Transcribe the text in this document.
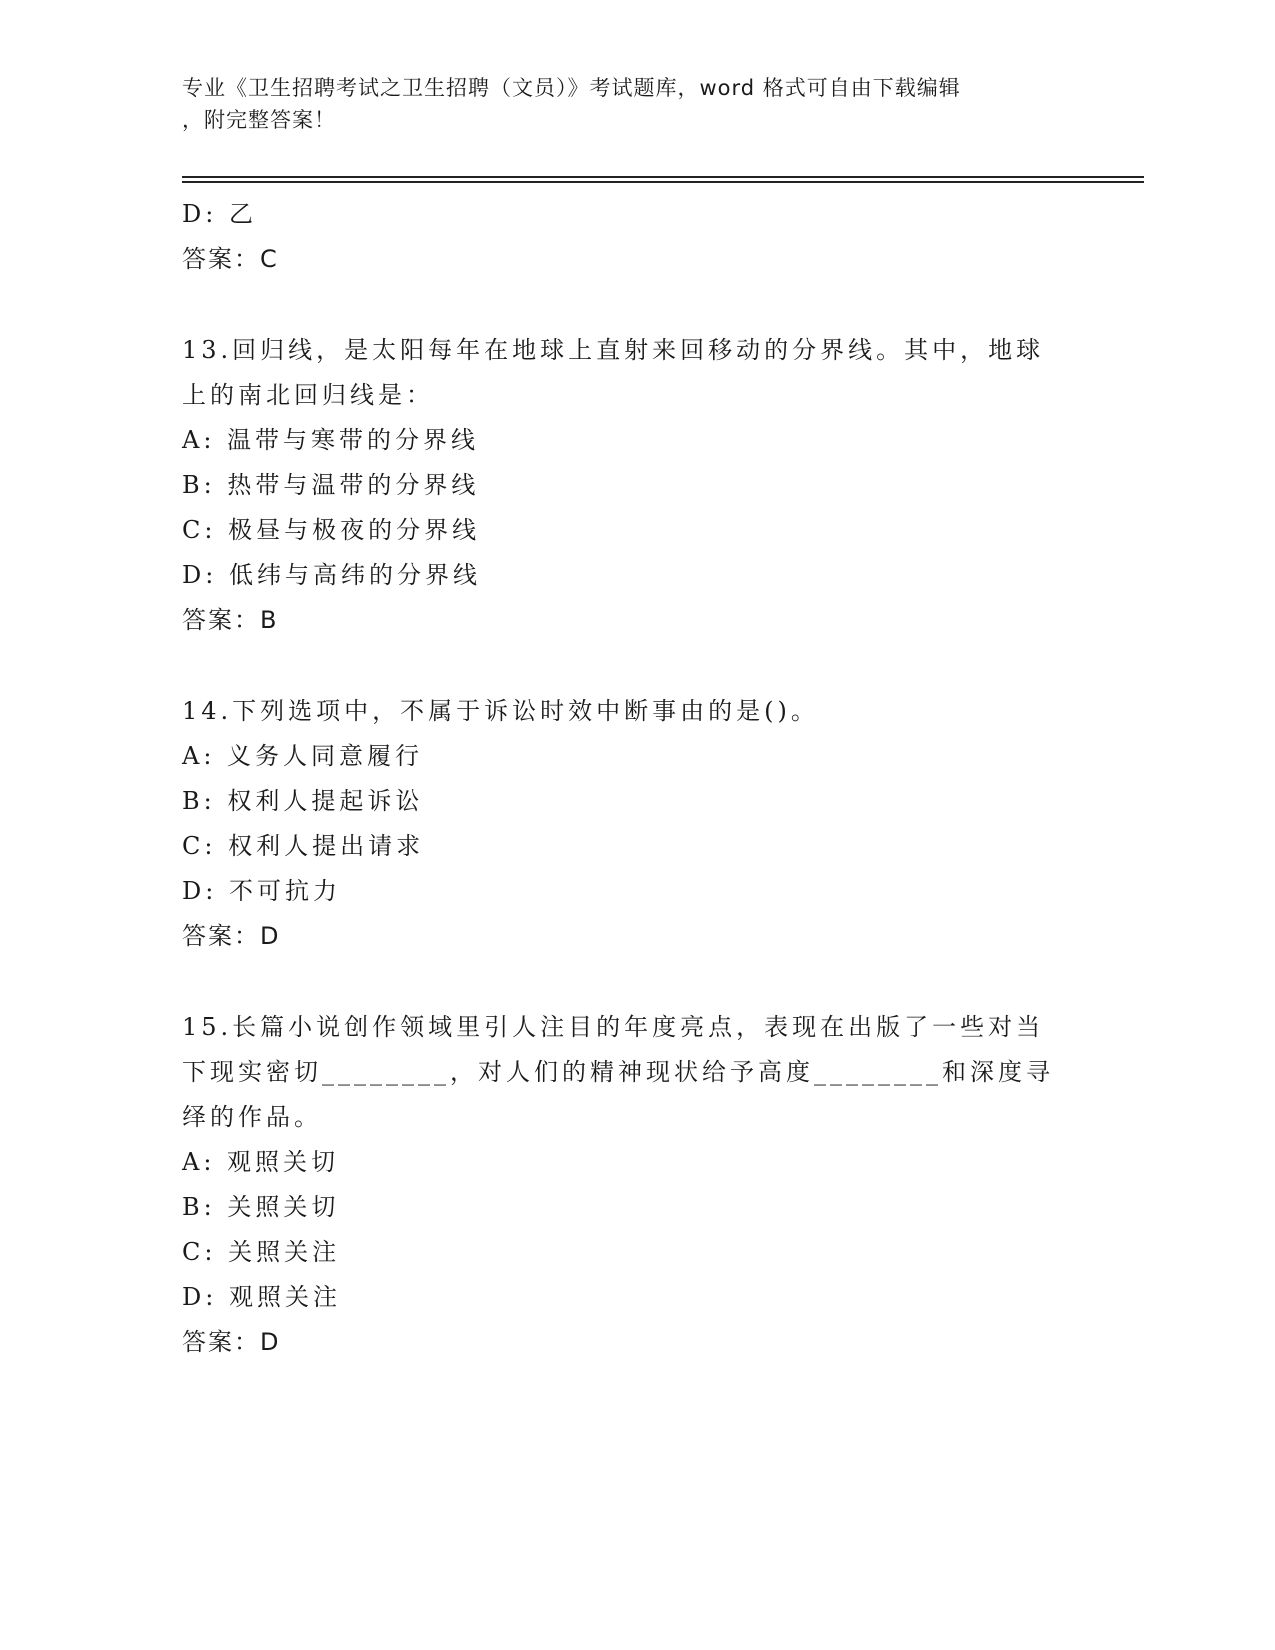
专业《卫生招聘考试之卫生招聘（文员）》考试题库，word 格式可自由下载编辑
，附完整答案！
D: 乙
答案：C
13.回归线，是太阳每年在地球上直射来回移动的分界线。其中，地球
上的南北回归线是：
A: 温带与寒带的分界线
B: 热带与温带的分界线
C: 极昼与极夜的分界线
D: 低纬与高纬的分界线
答案：B
14.下列选项中，不属于诉讼时效中断事由的是()。
A: 义务人同意履行
B: 权利人提起诉讼
C: 权利人提出请求
D: 不可抗力
答案：D
15.长篇小说创作领域里引人注目的年度亮点，表现在出版了一些对当
下现实密切________，对人们的精神现状给予高度________和深度寻
绎的作品。
A: 观照关切
B: 关照关切
C: 关照关注
D: 观照关注
答案：D
